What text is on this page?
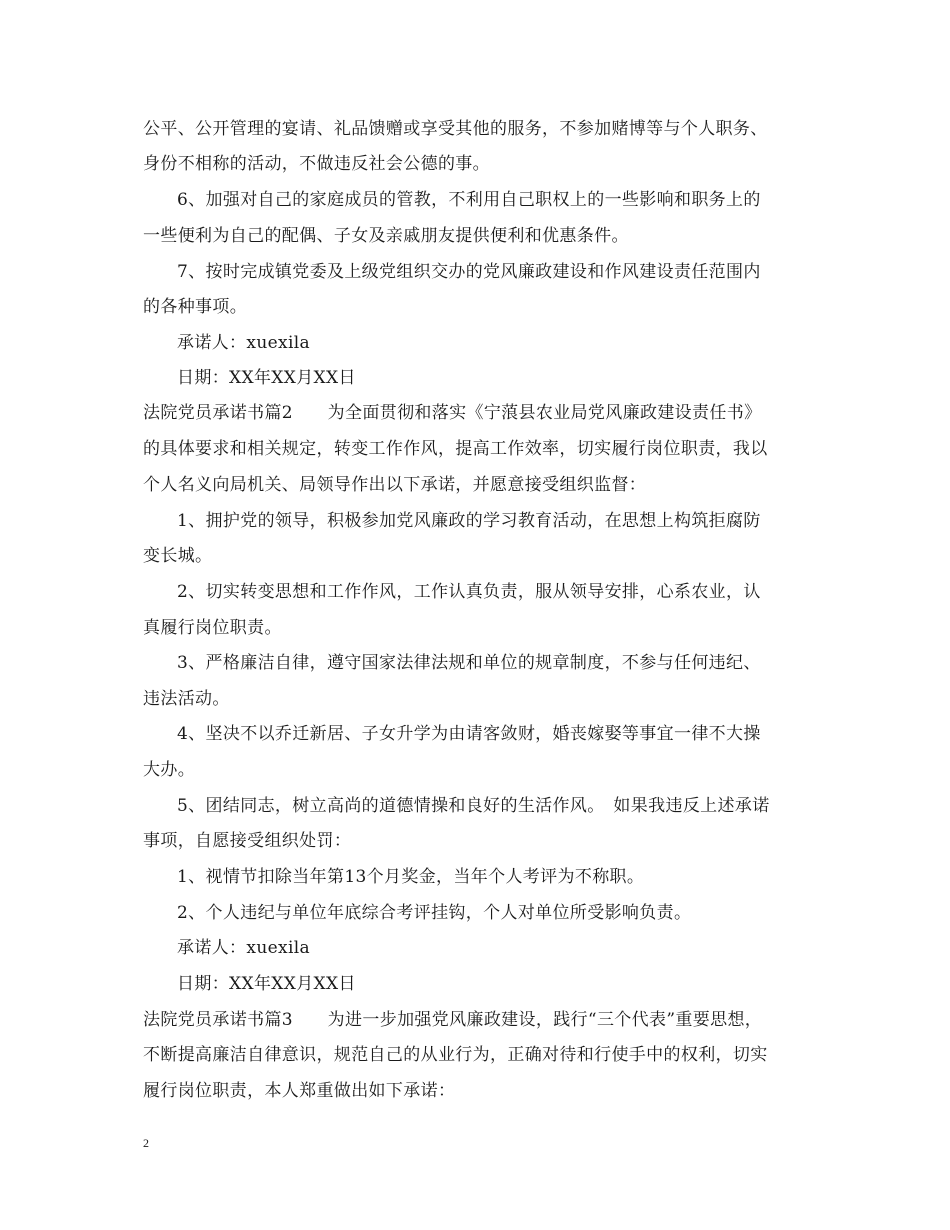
公平、公开管理的宴请、礼品馈赠或享受其他的服务，不参加赌博等与个人职务、
身份不相称的活动，不做违反社会公德的事。
6、加强对自己的家庭成员的管教，不利用自己职权上的一些影响和职务上的
一些便利为自己的配偶、子女及亲戚朋友提供便利和优惠条件。
7、按时完成镇党委及上级党组织交办的党风廉政建设和作风建设责任范围内
的各种事项。
承诺人：xuexila
日期：XX年XX月XX日
法院党员承诺书篇2　　为全面贯彻和落实《宁蒗县农业局党风廉政建设责任书》
的具体要求和相关规定，转变工作作风，提高工作效率，切实履行岗位职责，我以
个人名义向局机关、局领导作出以下承诺，并愿意接受组织监督：
1、拥护党的领导，积极参加党风廉政的学习教育活动，在思想上构筑拒腐防
变长城。
2、切实转变思想和工作作风，工作认真负责，服从领导安排，心系农业，认
真履行岗位职责。
3、严格廉洁自律，遵守国家法律法规和单位的规章制度，不参与任何违纪、
违法活动。
4、坚决不以乔迁新居、子女升学为由请客敛财，婚丧嫁娶等事宜一律不大操
大办。
5、团结同志，树立高尚的道德情操和良好的生活作风。　如果我违反上述承诺
事项，自愿接受组织处罚：
1、视情节扣除当年第13个月奖金，当年个人考评为不称职。
2、个人违纪与单位年底综合考评挂钩，个人对单位所受影响负责。
承诺人：xuexila
日期：XX年XX月XX日
法院党员承诺书篇3　　为进一步加强党风廉政建设，践行“三个代表”重要思想，
不断提高廉洁自律意识，规范自己的从业行为，正确对待和行使手中的权利，切实
履行岗位职责，本人郑重做出如下承诺：
2
